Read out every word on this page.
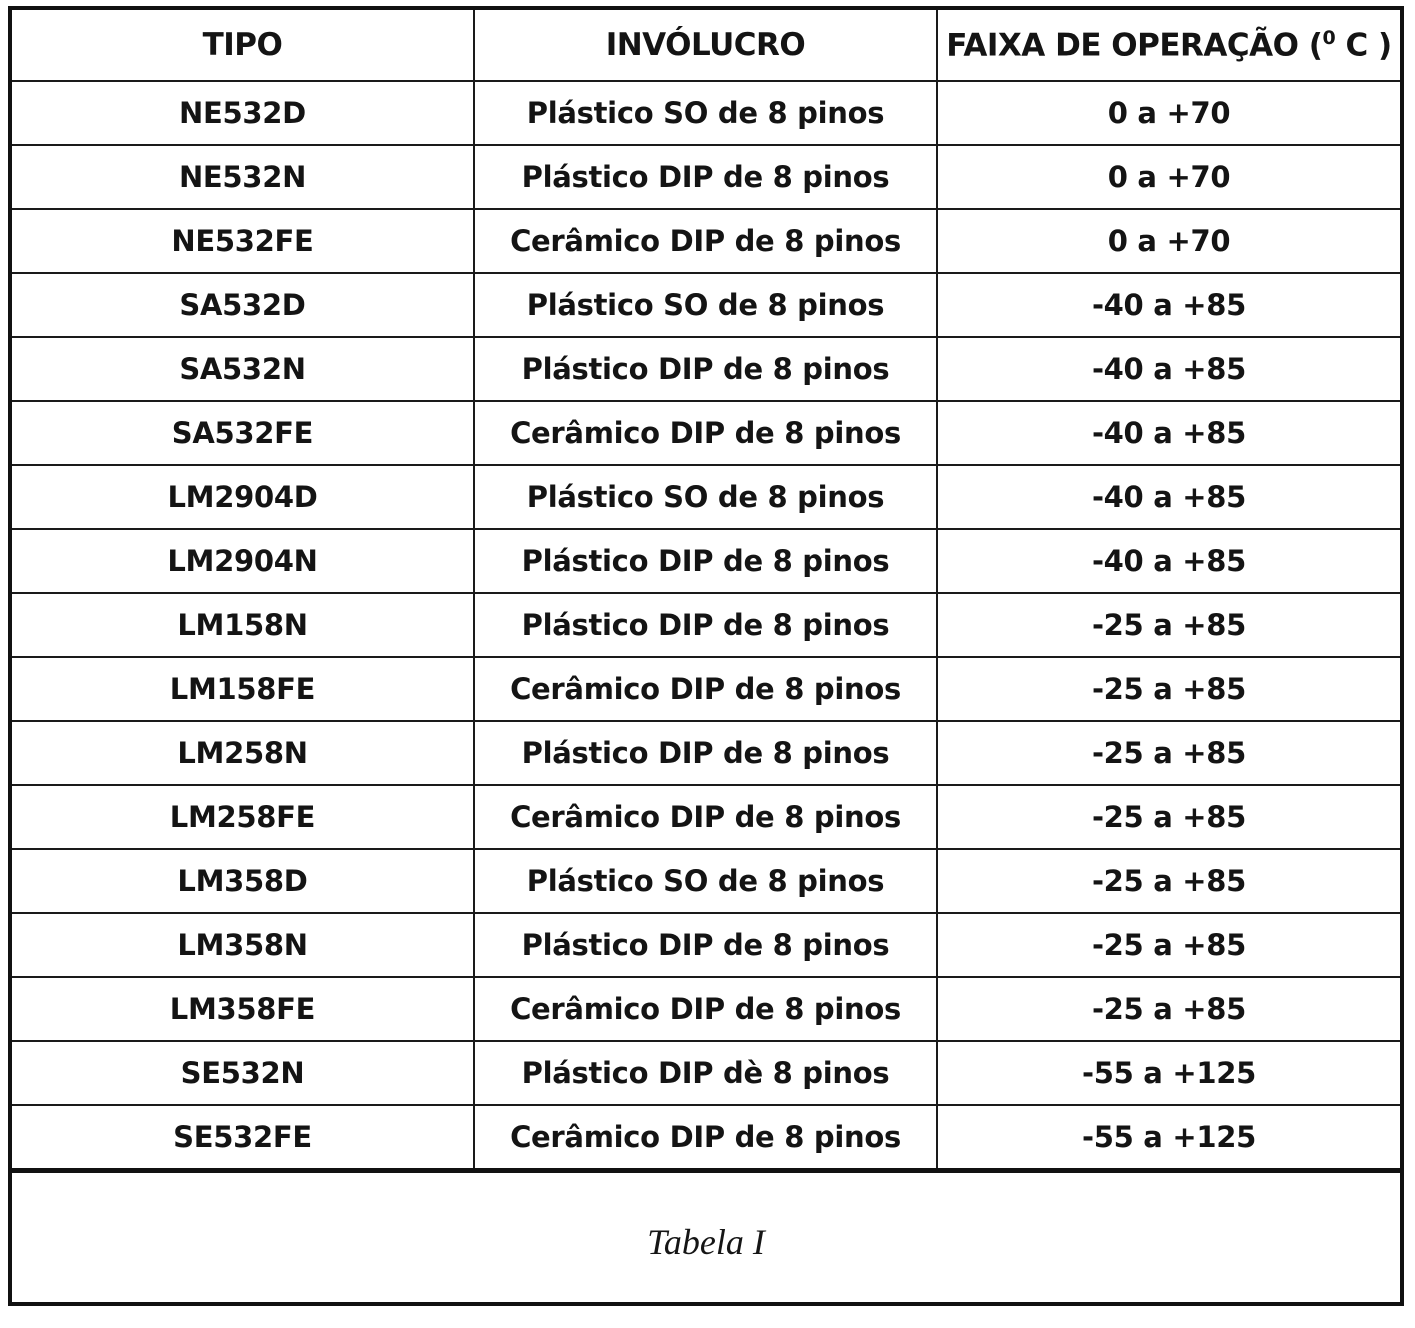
TIPO	INVÓLUCRO	FAIXA DE OPERAÇÃO ($^0$ C )
NE532D	Plástico SO de 8 pinos	0 a +70
NE532N	Plástico DIP de 8 pinos	0 a +70
NE532FE	Cerâmico DIP de 8 pinos	0 a +70
SA532D	Plástico SO de 8 pinos	-40 a +85
SA532N	Plástico DIP de 8 pinos	-40 a +85
SA532FE	Cerâmico DIP de 8 pinos	-40 a +85
LM2904D	Plástico SO de 8 pinos	-40 a +85
LM2904N	Plástico DIP de 8 pinos	-40 a +85
LM158N	Plástico DIP de 8 pinos	-25 a +85
LM158FE	Cerâmico DIP de 8 pinos	-25 a +85
LM258N	Plástico DIP de 8 pinos	-25 a +85
LM258FE	Cerâmico DIP de 8 pinos	-25 a +85
LM358D	Plástico SO de 8 pinos	-25 a +85
LM358N	Plástico DIP de 8 pinos	-25 a +85
LM358FE	Cerâmico DIP de 8 pinos	-25 a +85
SE532N	Plástico DIP dè 8 pinos	-55 a +125
SE532FE	Cerâmico DIP de 8 pinos	-55 a +125
Tabela I
